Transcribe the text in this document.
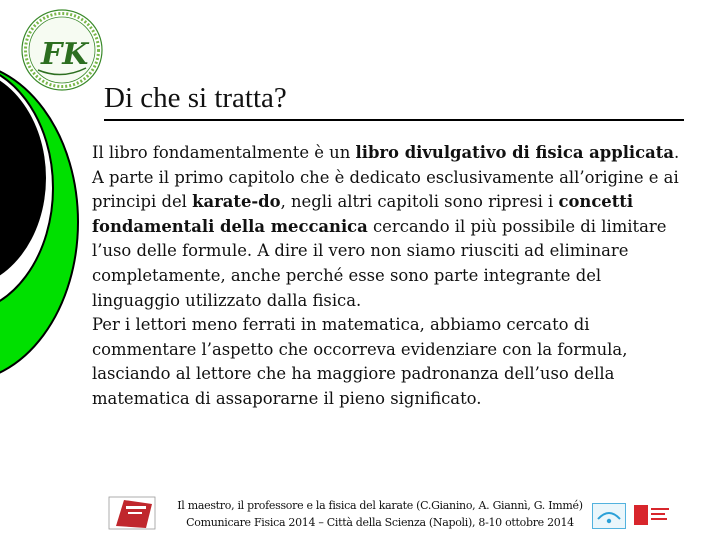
FK
Di che si tratta?

Il libro fondamentalmente è un libro divulgativo di fisica applicata.

A parte il primo capitolo che è dedicato esclusivamente all’origine e ai principi del karate-do, negli altri capitoli sono ripresi i concetti fondamentali della meccanica cercando il più possibile di limitare l’uso delle formule. A dire il vero non siamo riusciti ad eliminare completamente, anche perché esse sono parte integrante del linguaggio utilizzato dalla fisica.

Per i lettori meno ferrati in matematica, abbiamo cercato di commentare l’aspetto che occorreva evidenziare con la formula, lasciando al lettore che ha maggiore padronanza dell’uso della matematica di assaporarne il pieno significato.

Il maestro, il professore e la fisica del karate (C.Gianino, A. Giannì, G. Immé)
Comunicare Fisica 2014 – Città della Scienza (Napoli), 8-10 ottobre 2014
